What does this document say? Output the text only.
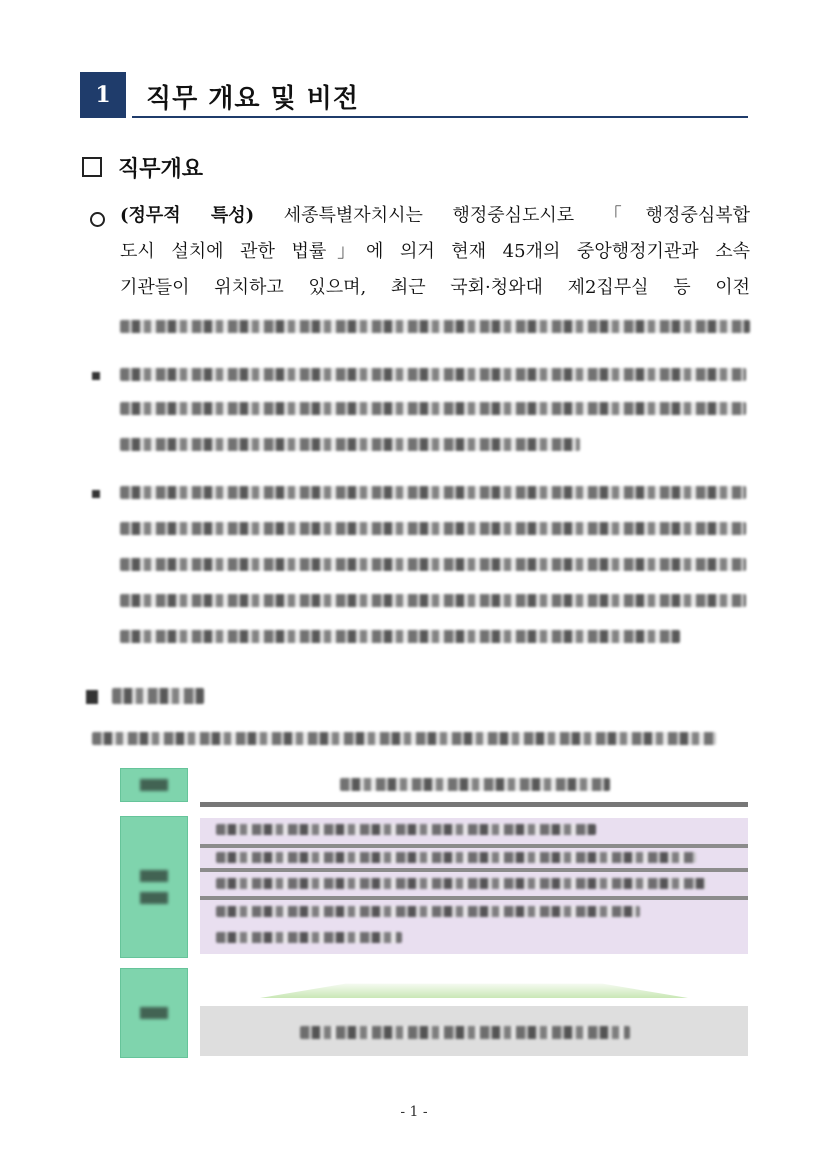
1	직무 개요 및 비전
직무개요
(정무적 특성) 세종특별자치시는 행정중심도시로 「행정중심복합
도시 설치에 관한 법률」에 의거 현재 45개의 중앙행정기관과 소속
기관들이 위치하고 있으며, 최근 국회·청와대 제2집무실 등 이전
- 1 -
